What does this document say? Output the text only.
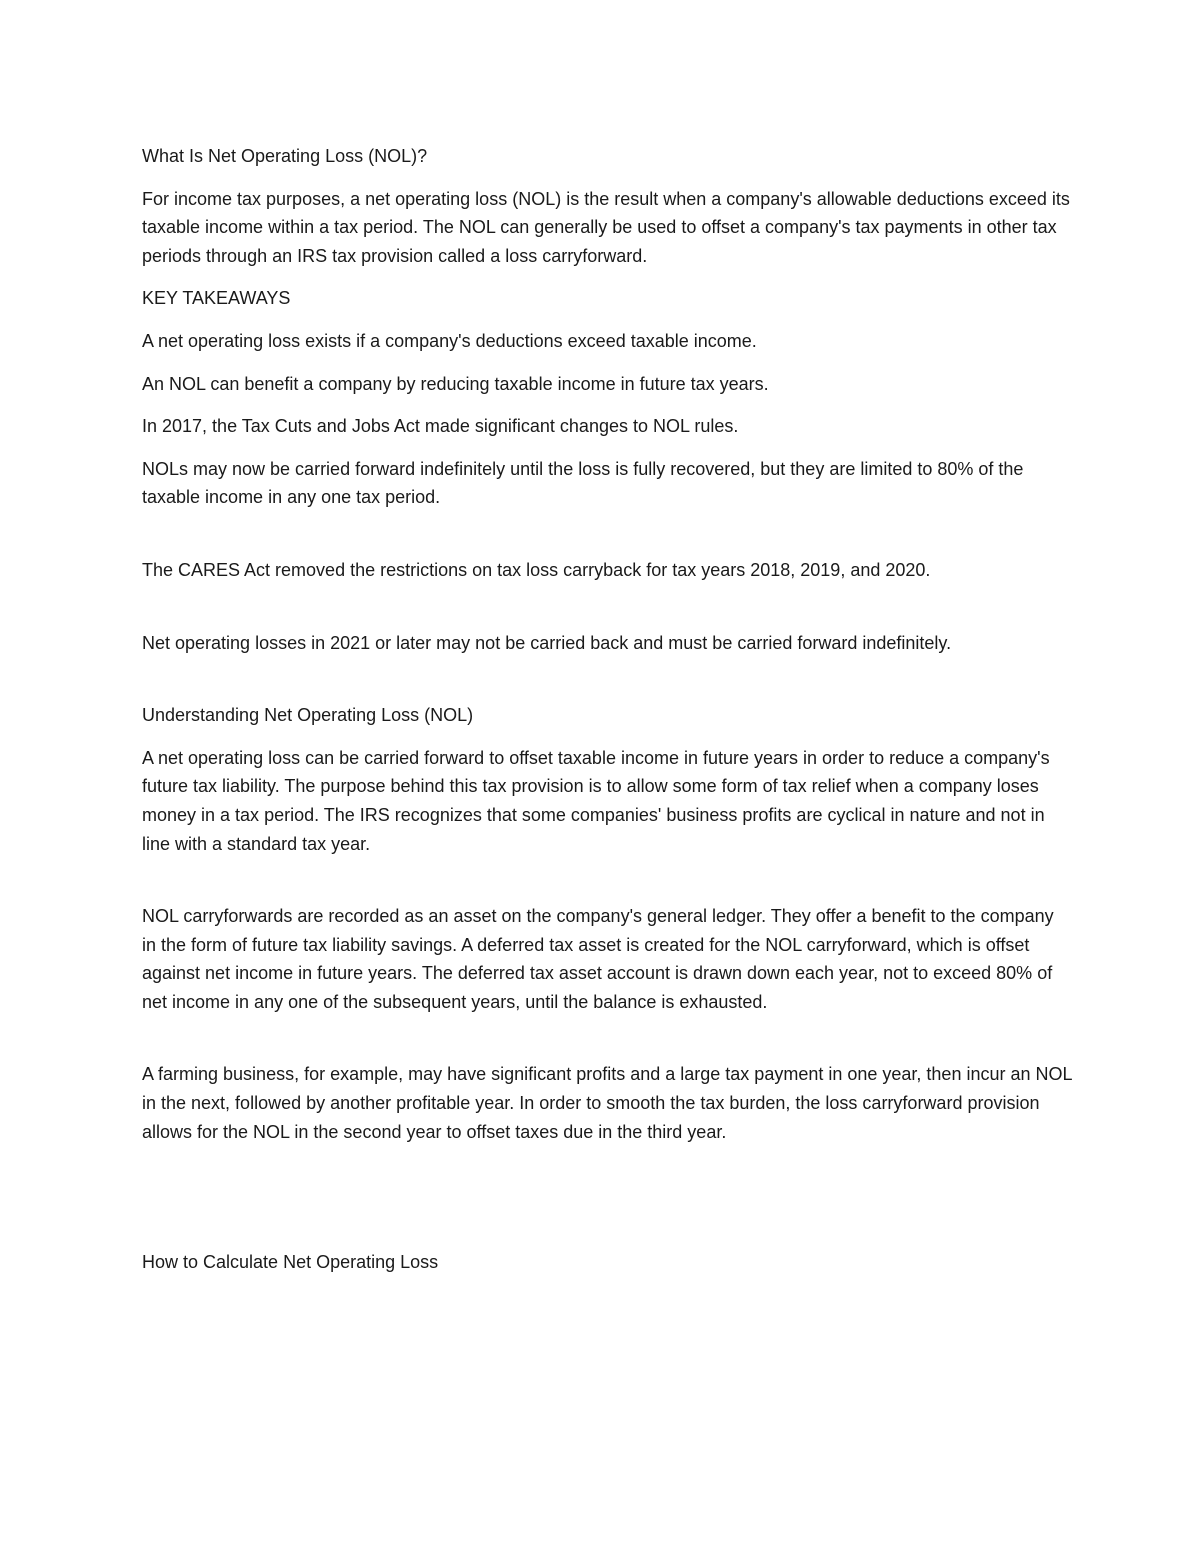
What Is Net Operating Loss (NOL)?

For income tax purposes, a net operating loss (NOL) is the result when a company's allowable deductions exceed its taxable income within a tax period. The NOL can generally be used to offset a company's tax payments in other tax periods through an IRS tax provision called a loss carryforward.

KEY TAKEAWAYS

A net operating loss exists if a company's deductions exceed taxable income.

An NOL can benefit a company by reducing taxable income in future tax years.

In 2017, the Tax Cuts and Jobs Act made significant changes to NOL rules.

NOLs may now be carried forward indefinitely until the loss is fully recovered, but they are limited to 80% of the taxable income in any one tax period.

The CARES Act removed the restrictions on tax loss carryback for tax years 2018, 2019, and 2020.

Net operating losses in 2021 or later may not be carried back and must be carried forward indefinitely.

Understanding Net Operating Loss (NOL)

A net operating loss can be carried forward to offset taxable income in future years in order to reduce a company's future tax liability. The purpose behind this tax provision is to allow some form of tax relief when a company loses money in a tax period. The IRS recognizes that some companies' business profits are cyclical in nature and not in line with a standard tax year.

NOL carryforwards are recorded as an asset on the company's general ledger. They offer a benefit to the company in the form of future tax liability savings. A deferred tax asset is created for the NOL carryforward, which is offset against net income in future years. The deferred tax asset account is drawn down each year, not to exceed 80% of net income in any one of the subsequent years, until the balance is exhausted.

A farming business, for example, may have significant profits and a large tax payment in one year, then incur an NOL in the next, followed by another profitable year. In order to smooth the tax burden, the loss carryforward provision allows for the NOL in the second year to offset taxes due in the third year.

How to Calculate Net Operating Loss
